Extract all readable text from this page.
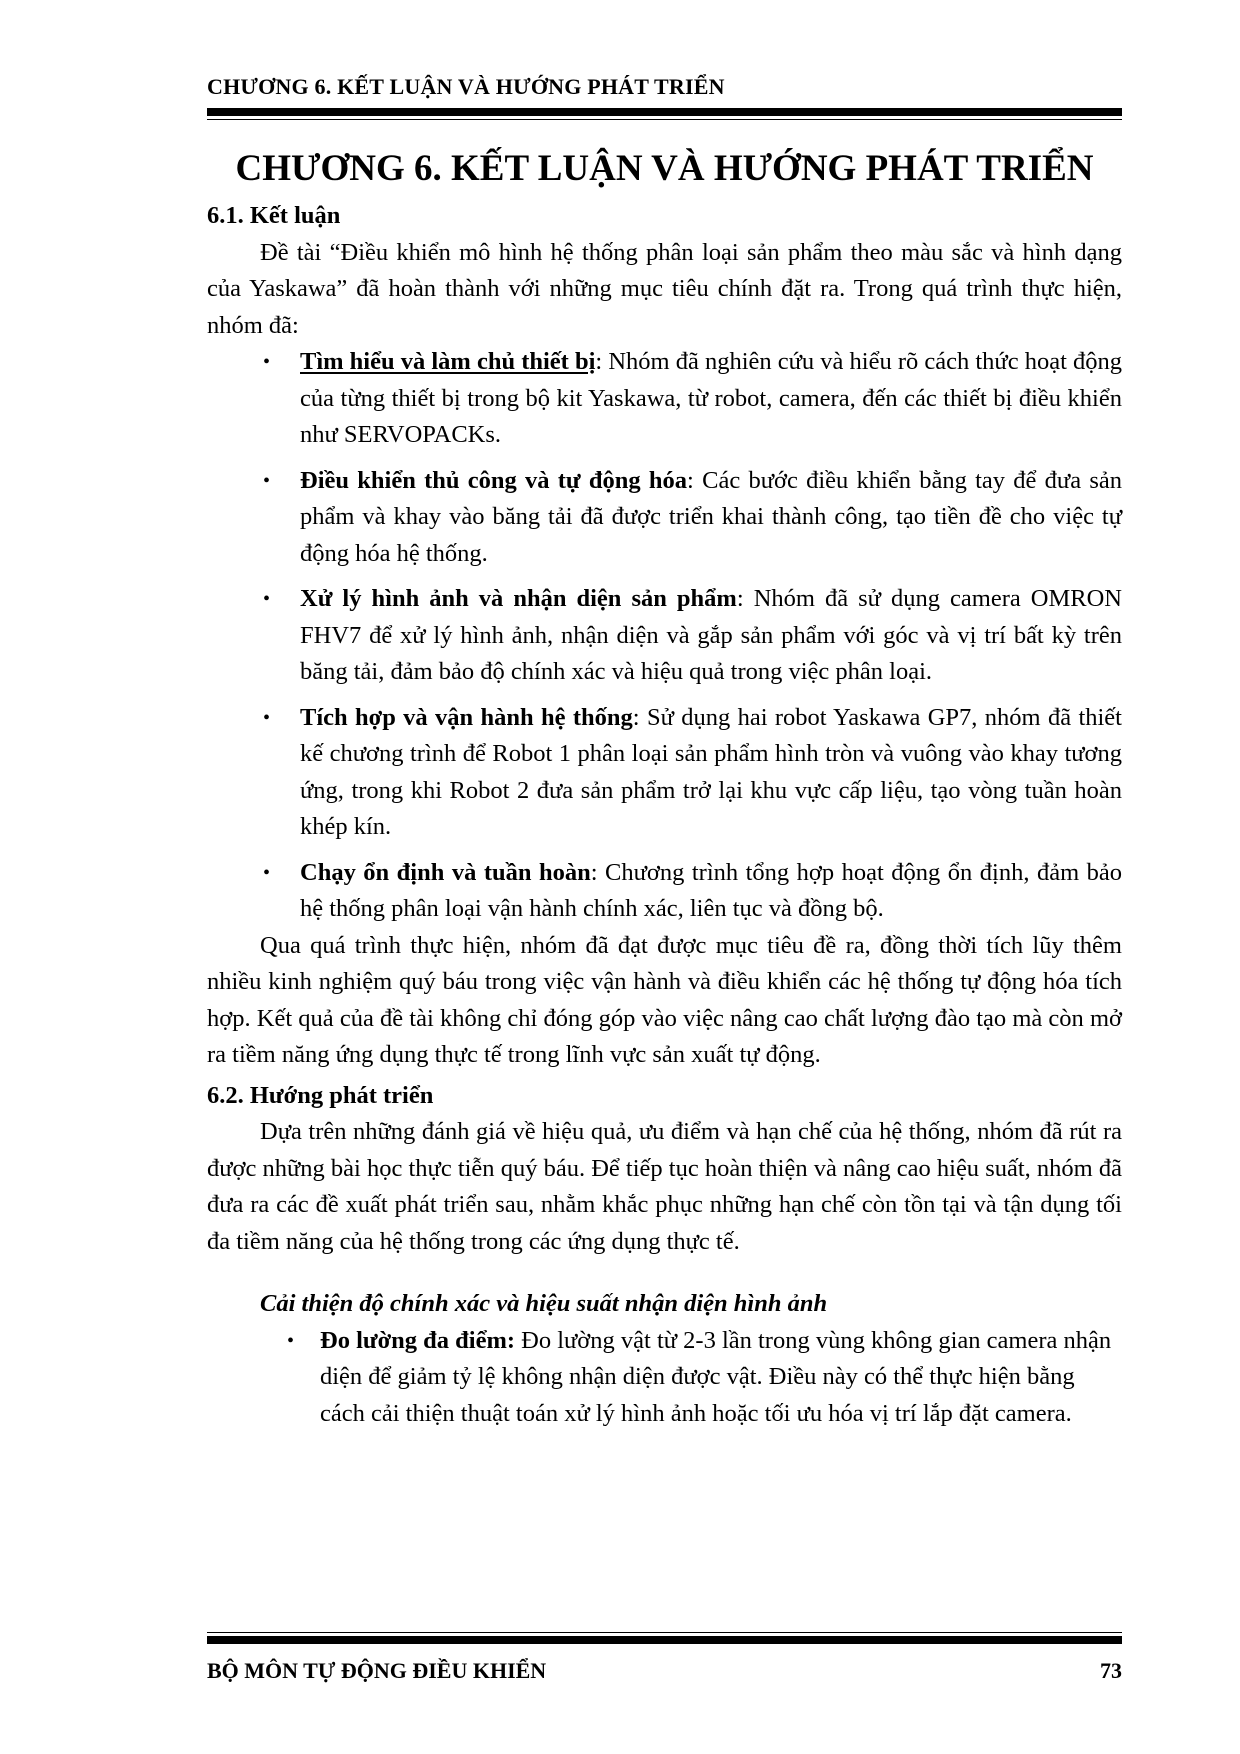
CHƯƠNG 6. KẾT LUẬN VÀ HƯỚNG PHÁT TRIỂN
CHƯƠNG 6. KẾT LUẬN VÀ HƯỚNG PHÁT TRIỂN
6.1. Kết luận

Đề tài “Điều khiển mô hình hệ thống phân loại sản phẩm theo màu sắc và hình dạng của Yaskawa” đã hoàn thành với những mục tiêu chính đặt ra. Trong quá trình thực hiện, nhóm đã:

• Tìm hiểu và làm chủ thiết bị: Nhóm đã nghiên cứu và hiểu rõ cách thức hoạt động của từng thiết bị trong bộ kit Yaskawa, từ robot, camera, đến các thiết bị điều khiển như SERVOPACKs.
• Điều khiển thủ công và tự động hóa: Các bước điều khiển bằng tay để đưa sản phẩm và khay vào băng tải đã được triển khai thành công, tạo tiền đề cho việc tự động hóa hệ thống.
• Xử lý hình ảnh và nhận diện sản phẩm: Nhóm đã sử dụng camera OMRON FHV7 để xử lý hình ảnh, nhận diện và gắp sản phẩm với góc và vị trí bất kỳ trên băng tải, đảm bảo độ chính xác và hiệu quả trong việc phân loại.
• Tích hợp và vận hành hệ thống: Sử dụng hai robot Yaskawa GP7, nhóm đã thiết kế chương trình để Robot 1 phân loại sản phẩm hình tròn và vuông vào khay tương ứng, trong khi Robot 2 đưa sản phẩm trở lại khu vực cấp liệu, tạo vòng tuần hoàn khép kín.
• Chạy ổn định và tuần hoàn: Chương trình tổng hợp hoạt động ổn định, đảm bảo hệ thống phân loại vận hành chính xác, liên tục và đồng bộ.

Qua quá trình thực hiện, nhóm đã đạt được mục tiêu đề ra, đồng thời tích lũy thêm nhiều kinh nghiệm quý báu trong việc vận hành và điều khiển các hệ thống tự động hóa tích hợp. Kết quả của đề tài không chỉ đóng góp vào việc nâng cao chất lượng đào tạo mà còn mở ra tiềm năng ứng dụng thực tế trong lĩnh vực sản xuất tự động.

6.2. Hướng phát triển

Dựa trên những đánh giá về hiệu quả, ưu điểm và hạn chế của hệ thống, nhóm đã rút ra được những bài học thực tiễn quý báu. Để tiếp tục hoàn thiện và nâng cao hiệu suất, nhóm đã đưa ra các đề xuất phát triển sau, nhằm khắc phục những hạn chế còn tồn tại và tận dụng tối đa tiềm năng của hệ thống trong các ứng dụng thực tế.

Cải thiện độ chính xác và hiệu suất nhận diện hình ảnh
• Đo lường đa điểm: Đo lường vật từ 2-3 lần trong vùng không gian camera nhận diện để giảm tỷ lệ không nhận diện được vật. Điều này có thể thực hiện bằng cách cải thiện thuật toán xử lý hình ảnh hoặc tối ưu hóa vị trí lắp đặt camera.
BỘ MÔN TỰ ĐỘNG ĐIỀU KHIỂN	73
